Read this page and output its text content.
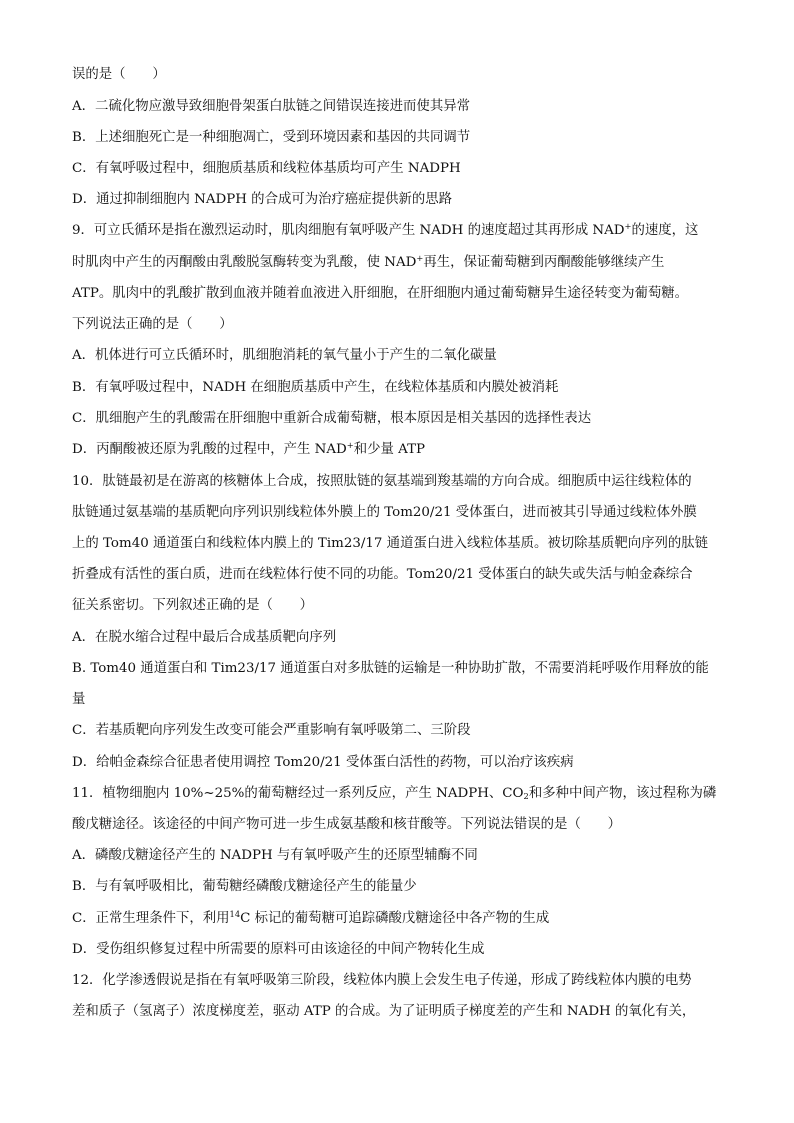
误的是（　　）
A．二硫化物应激导致细胞骨架蛋白肽链之间错误连接进而使其异常
B．上述细胞死亡是一种细胞凋亡，受到环境因素和基因的共同调节
C．有氧呼吸过程中，细胞质基质和线粒体基质均可产生 NADPH
D．通过抑制细胞内 NADPH 的合成可为治疗癌症提供新的思路
9．可立氏循环是指在激烈运动时，肌肉细胞有氧呼吸产生 NADH 的速度超过其再形成 NAD+的速度，这
时肌肉中产生的丙酮酸由乳酸脱氢酶转变为乳酸，使 NAD+再生，保证葡萄糖到丙酮酸能够继续产生
ATP。肌肉中的乳酸扩散到血液并随着血液进入肝细胞，在肝细胞内通过葡萄糖异生途径转变为葡萄糖。
下列说法正确的是（　　）
A．机体进行可立氏循环时，肌细胞消耗的氧气量小于产生的二氧化碳量
B．有氧呼吸过程中，NADH 在细胞质基质中产生，在线粒体基质和内膜处被消耗
C．肌细胞产生的乳酸需在肝细胞中重新合成葡萄糖，根本原因是相关基因的选择性表达
D．丙酮酸被还原为乳酸的过程中，产生 NAD+和少量 ATP
10．肽链最初是在游离的核糖体上合成，按照肽链的氨基端到羧基端的方向合成。细胞质中运往线粒体的
肽链通过氨基端的基质靶向序列识别线粒体外膜上的 Tom20/21 受体蛋白，进而被其引导通过线粒体外膜
上的 Tom40 通道蛋白和线粒体内膜上的 Tim23/17 通道蛋白进入线粒体基质。被切除基质靶向序列的肽链
折叠成有活性的蛋白质，进而在线粒体行使不同的功能。Tom20/21 受体蛋白的缺失或失活与帕金森综合
征关系密切。下列叙述正确的是（　　）
A．在脱水缩合过程中最后合成基质靶向序列
B. Tom40 通道蛋白和 Tim23/17 通道蛋白对多肽链的运输是一种协助扩散，不需要消耗呼吸作用释放的能
量
C．若基质靶向序列发生改变可能会严重影响有氧呼吸第二、三阶段
D．给帕金森综合征患者使用调控 Tom20/21 受体蛋白活性的药物，可以治疗该疾病
11．植物细胞内 10%~25%的葡萄糖经过一系列反应，产生 NADPH、$CO_2$和多种中间产物，该过程称为磷
酸戊糖途径。该途径的中间产物可进一步生成氨基酸和核苷酸等。下列说法错误的是（　　）
A．磷酸戊糖途径产生的 NADPH 与有氧呼吸产生的还原型辅酶不同
B．与有氧呼吸相比，葡萄糖经磷酸戊糖途径产生的能量少
C．正常生理条件下，利用$^{14}$C 标记的葡萄糖可追踪磷酸戊糖途径中各产物的生成
D．受伤组织修复过程中所需要的原料可由该途径的中间产物转化生成
12．化学渗透假说是指在有氧呼吸第三阶段，线粒体内膜上会发生电子传递，形成了跨线粒体内膜的电势
差和质子（氢离子）浓度梯度差，驱动 ATP 的合成。为了证明质子梯度差的产生和 NADH 的氧化有关，
